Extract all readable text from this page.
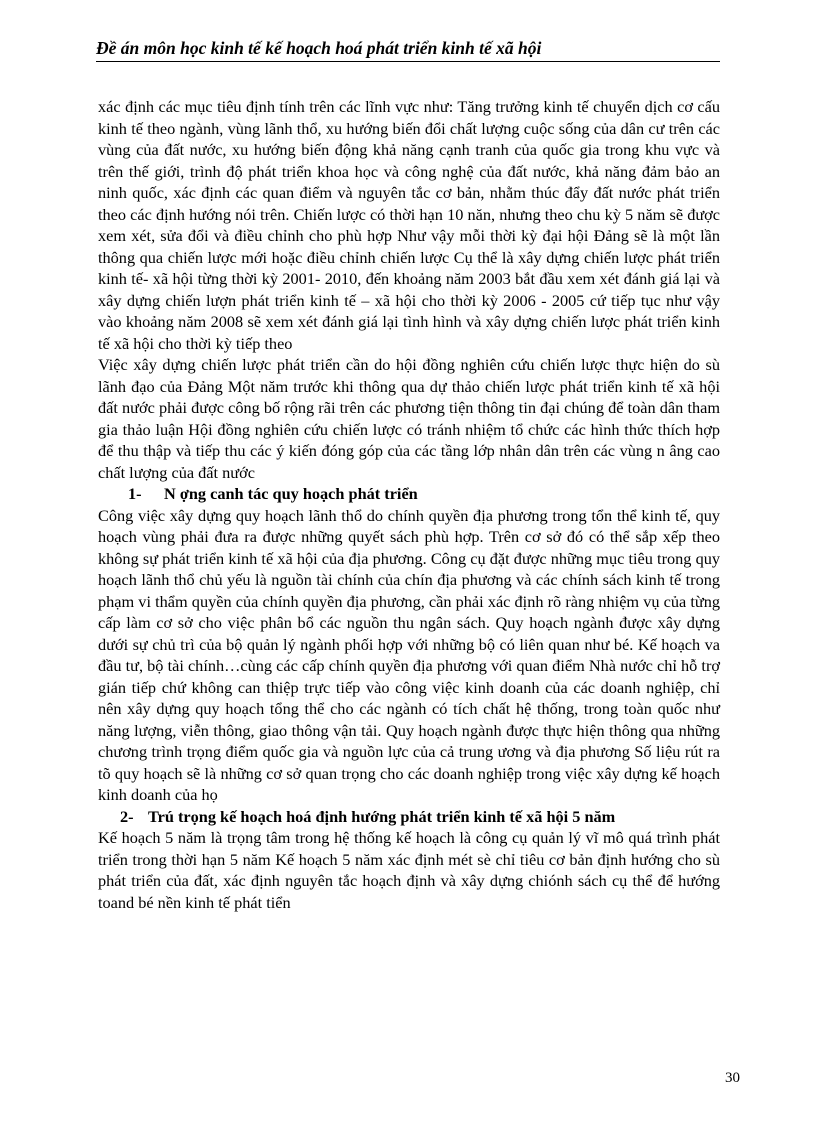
Đề án môn học kinh tế kế hoạch hoá phát triển kinh tế xã hội

xác định các mục tiêu định tính trên các lĩnh vực như: Tăng trưởng kinh tế chuyển dịch cơ cấu kinh tế theo ngành, vùng lãnh thổ, xu hướng biến đổi chất lượng cuộc sống của dân cư trên các vùng của đất nước, xu hướng biến động khả năng cạnh tranh của quốc gia trong khu vực và trên thế giới, trình độ phát triển khoa học và công nghệ của đất nước, khả năng đảm bảo an ninh quốc, xác định các quan điểm và nguyên tắc cơ bản, nhằm thúc đẩy đất nước phát triển theo các định hướng nói trên. Chiến lược có thời hạn 10 năn, nhưng theo chu kỳ 5 năm sẽ được xem xét, sửa đổi và điều chỉnh cho phù hợp Như vậy mỗi thời kỳ đại hội Đảng sẽ là một lần thông qua chiến lược mới hoặc điều chỉnh chiến lược Cụ thể là xây dựng chiến lược phát triển kinh tế- xã hội từng thời kỳ 2001- 2010, đến khoảng năm 2003 bắt đầu xem xét đánh giá lại và xây dựng chiến lượn phát triển kinh tế – xã hội cho thời kỳ 2006 - 2005 cứ tiếp tục như vậy vào khoảng năm 2008 sẽ xem xét đánh giá lại tình hình và xây dựng chiến lược phát triển kinh tế xã hội cho thời kỳ tiếp theo

Việc xây dựng chiến lược phát triển cần do hội đồng nghiên cứu chiến lược thực hiện do sù lãnh đạo của Đảng Một năm trước khi thông qua dự thảo chiến lược phát triển kinh tế xã hội đất nước phải được công bố rộng rãi trên các phương tiện thông tin đại chúng để toàn dân tham gia thảo luận Hội đồng nghiên cứu chiến lược có tránh nhiệm tổ chức các hình thức thích hợp để thu thập và tiếp thu các ý kiến đóng góp của các tầng lớp nhân dân trên các vùng n âng cao chất lượng của đất nước

1- N ợng canh tác quy hoạch phát triển

Công việc xây dựng quy hoạch lãnh thổ do chính quyền địa phương trong tổn thể kinh tế, quy hoạch vùng phải đưa ra được những quyết sách phù hợp. Trên cơ sở đó có thể sắp xếp theo không sự phát triển kinh tế xã hội của địa phương. Công cụ đặt được những mục tiêu trong quy hoạch lãnh thổ chủ yếu là nguồn tài chính của chín địa phương và các chính sách kinh tế trong phạm vi thẩm quyền của chính quyền địa phương, cần phải xác định rõ ràng nhiệm vụ của từng cấp làm cơ sở cho việc phân bổ các nguồn thu ngân sách. Quy hoạch ngành được xây dựng dưới sự chủ trì của bộ quản lý ngành phối hợp với những bộ có liên quan như bé. Kế hoạch va đầu tư, bộ tài chính…cùng các cấp chính quyền địa phương với quan điểm Nhà nước chỉ hỗ trợ gián tiếp chứ không can thiệp trực tiếp vào công việc kinh doanh của các doanh nghiệp, chỉ nên xây dựng quy hoạch tổng thể cho các ngành có tích chất hệ thống, trong toàn quốc như năng lượng, viễn thông, giao thông vận tải. Quy hoạch ngành được thực hiện thông qua những chương trình trọng điểm quốc gia và nguồn lực của cả trung ương và địa phương Số liệu rút ra tõ quy hoạch sẽ là những cơ sở quan trọng cho các doanh nghiệp trong việc xây dựng kế hoạch kinh doanh của họ

2- Trú trọng kế hoạch hoá định hướng phát triển kinh tế xã hội 5 năm

Kế hoạch 5 năm là trọng tâm trong hệ thống kế hoạch là công cụ quản lý vĩ mô quá trình phát triển trong thời hạn 5 năm Kế hoạch 5 năm xác định mét sè chỉ tiêu cơ bản định hướng cho sù phát triển của đất, xác định nguyên tắc hoạch định và xây dựng chiónh sách cụ thể để hướng toand bé nền kinh tế phát tiển

30
